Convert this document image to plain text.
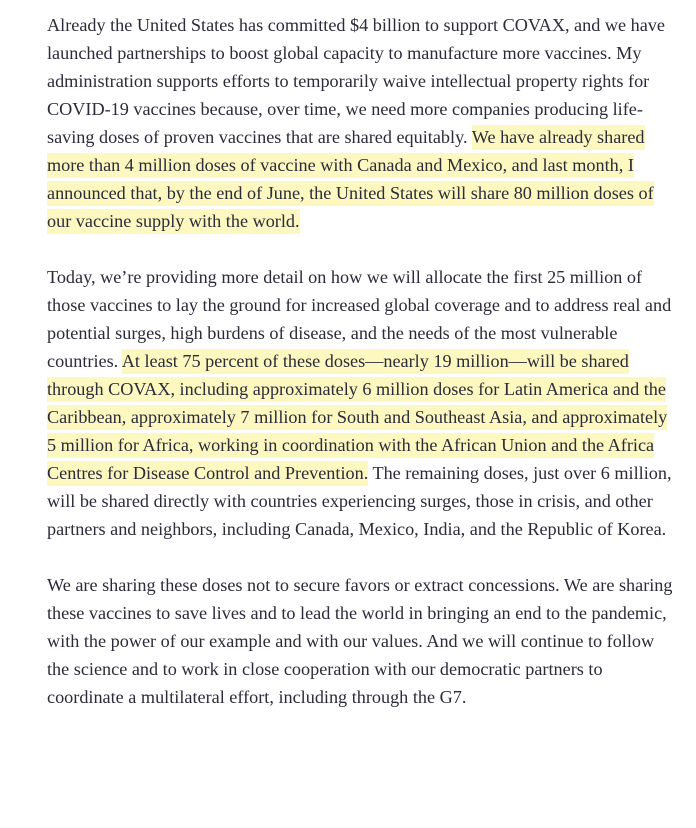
Already the United States has committed $4 billion to support COVAX, and we have launched partnerships to boost global capacity to manufacture more vaccines. My administration supports efforts to temporarily waive intellectual property rights for COVID-19 vaccines because, over time, we need more companies producing life-saving doses of proven vaccines that are shared equitably. We have already shared more than 4 million doses of vaccine with Canada and Mexico, and last month, I announced that, by the end of June, the United States will share 80 million doses of our vaccine supply with the world.

Today, we’re providing more detail on how we will allocate the first 25 million of those vaccines to lay the ground for increased global coverage and to address real and potential surges, high burdens of disease, and the needs of the most vulnerable countries. At least 75 percent of these doses—nearly 19 million—will be shared through COVAX, including approximately 6 million doses for Latin America and the Caribbean, approximately 7 million for South and Southeast Asia, and approximately 5 million for Africa, working in coordination with the African Union and the Africa Centres for Disease Control and Prevention. The remaining doses, just over 6 million, will be shared directly with countries experiencing surges, those in crisis, and other partners and neighbors, including Canada, Mexico, India, and the Republic of Korea.

We are sharing these doses not to secure favors or extract concessions. We are sharing these vaccines to save lives and to lead the world in bringing an end to the pandemic, with the power of our example and with our values. And we will continue to follow the science and to work in close cooperation with our democratic partners to coordinate a multilateral effort, including through the G7.
